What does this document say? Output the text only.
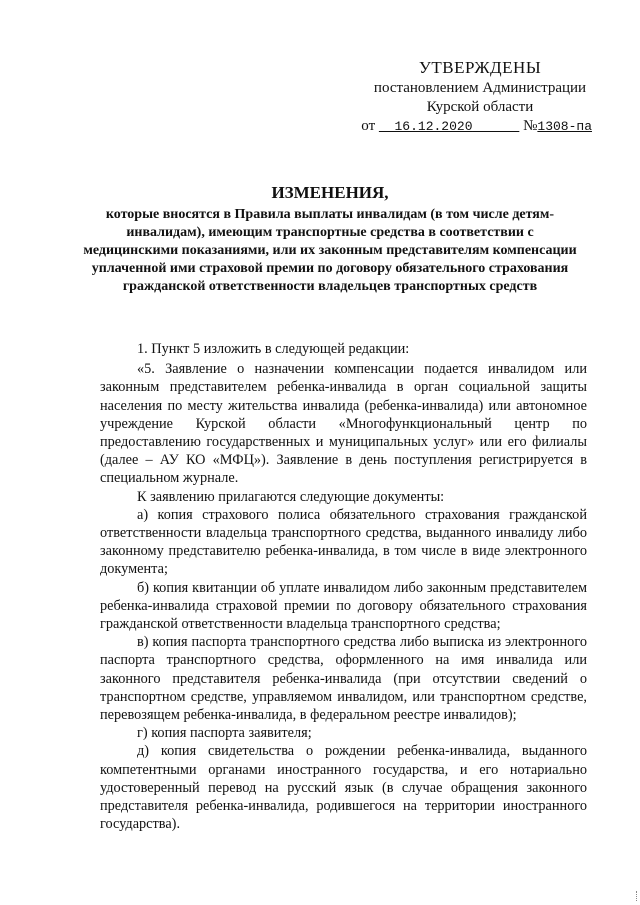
УТВЕРЖДЕНЫ
постановлением Администрации
Курской области
от 16.12.2020	№1308-па
ИЗМЕНЕНИЯ,
которые вносятся в Правила выплаты инвалидам (в том числе детям-инвалидам), имеющим транспортные средства в соответствии с медицинскими показаниями, или их законным представителям компенсации уплаченной ими страховой премии по договору обязательного страхования гражданской ответственности владельцев транспортных средств

1. Пункт 5 изложить в следующей редакции:

«5. Заявление о назначении компенсации подается инвалидом или законным представителем ребенка-инвалида в орган социальной защиты населения по месту жительства инвалида (ребенка-инвалида) или автономное учреждение Курской области «Многофункциональный центр по предоставлению государственных и муниципальных услуг» или его филиалы (далее – АУ КО «МФЦ»). Заявление в день поступления регистрируется в специальном журнале.

К заявлению прилагаются следующие документы:

а) копия страхового полиса обязательного страхования гражданской ответственности владельца транспортного средства, выданного инвалиду либо законному представителю ребенка-инвалида, в том числе в виде электронного документа;

б) копия квитанции об уплате инвалидом либо законным представителем ребенка-инвалида страховой премии по договору обязательного страхования гражданской ответственности владельца транспортного средства;

в) копия паспорта транспортного средства либо выписка из электронного паспорта транспортного средства, оформленного на имя инвалида или законного представителя ребенка-инвалида (при отсутствии сведений о транспортном средстве, управляемом инвалидом, или транспортном средстве, перевозящем ребенка-инвалида, в федеральном реестре инвалидов);

г) копия паспорта заявителя;

д) копия свидетельства о рождении ребенка-инвалида, выданного компетентными органами иностранного государства, и его нотариально удостоверенный перевод на русский язык (в случае обращения законного представителя ребенка-инвалида, родившегося на территории иностранного государства).
